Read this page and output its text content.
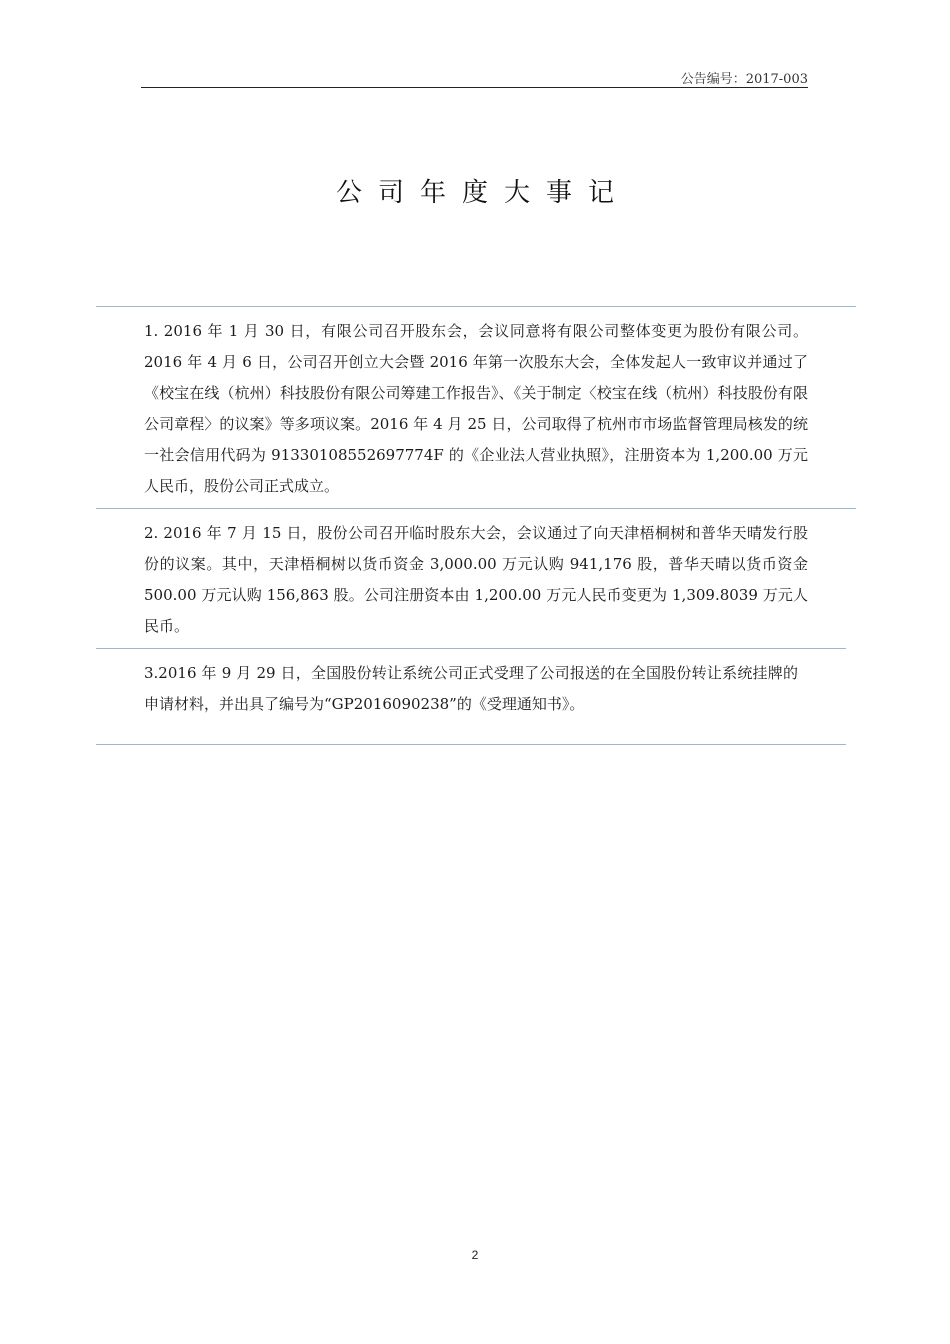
公告编号：2017-003
公司年度大事记

1. 2016 年 1 月 30 日，有限公司召开股东会，会议同意将有限公司整体变更为股份有限公司。2016 年 4 月 6 日，公司召开创立大会暨 2016 年第一次股东大会，全体发起人一致审议并通过了《校宝在线（杭州）科技股份有限公司筹建工作报告》、《关于制定〈校宝在线（杭州）科技股份有限公司章程〉的议案》等多项议案。2016 年 4 月 25 日，公司取得了杭州市市场监督管理局核发的统一社会信用代码为 91330108552697774F 的《企业法人营业执照》，注册资本为 1,200.00 万元人民币，股份公司正式成立。

2. 2016 年 7 月 15 日，股份公司召开临时股东大会，会议通过了向天津梧桐树和普华天晴发行股份的议案。其中，天津梧桐树以货币资金 3,000.00 万元认购 941,176 股，普华天晴以货币资金 500.00 万元认购 156,863 股。公司注册资本由 1,200.00 万元人民币变更为 1,309.8039 万元人民币。

3.2016 年 9 月 29 日，全国股份转让系统公司正式受理了公司报送的在全国股份转让系统挂牌的申请材料，并出具了编号为“GP2016090238”的《受理通知书》。

2
